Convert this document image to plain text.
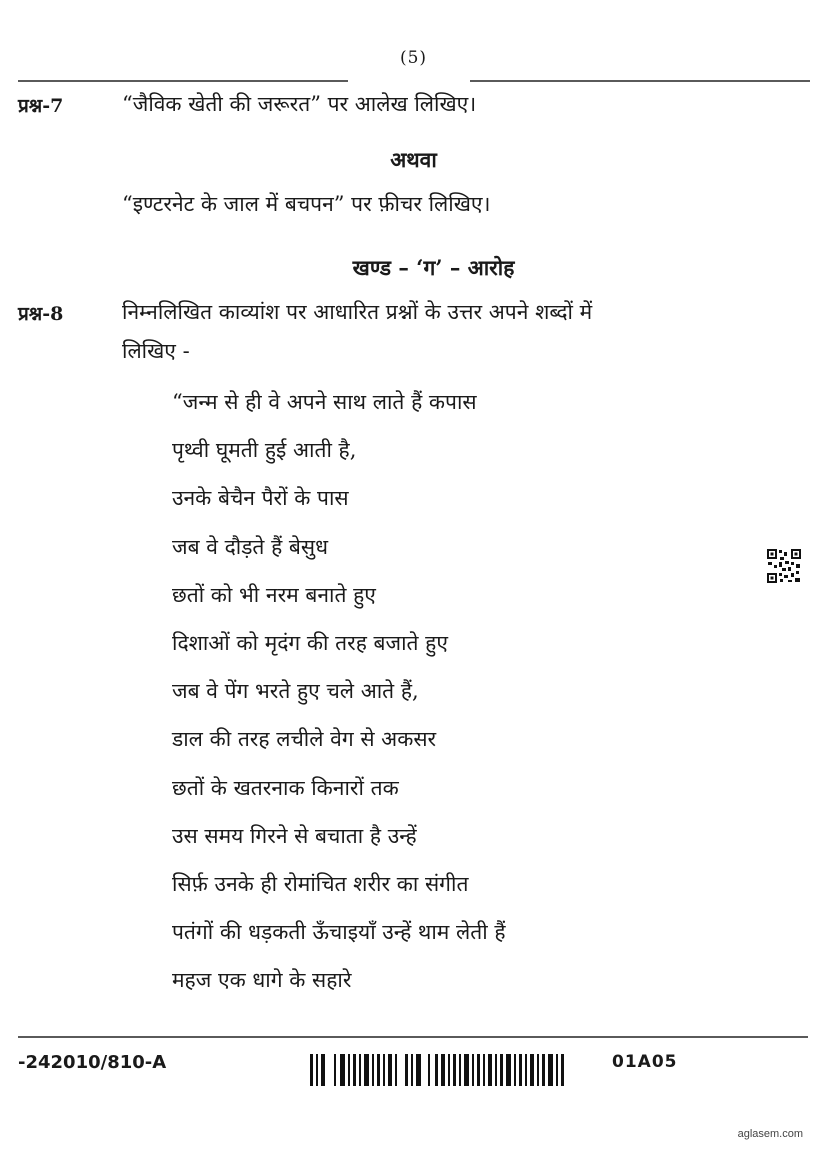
(5)
प्रश्न-7	“जैविक खेती की जरूरत” पर आलेख लिखिए।
अथवा
“इण्टरनेट के जाल में बचपन” पर फ़ीचर लिखिए।
खण्ड – ‘ग’ – आरोह
प्रश्न-8	निम्नलिखित काव्यांश पर आधारित प्रश्नों के उत्तर अपने शब्दों में
लिखिए -
“जन्म से ही वे अपने साथ लाते हैं कपास
पृथ्वी घूमती हुई आती है,
उनके बेचैन पैरों के पास
जब वे दौड़ते हैं बेसुध
छतों को भी नरम बनाते हुए
दिशाओं को मृदंग की तरह बजाते हुए
जब वे पेंग भरते हुए चले आते हैं,
डाल की तरह लचीले वेग से अकसर
छतों के खतरनाक किनारों तक
उस समय गिरने से बचाता है उन्हें
सिर्फ़ उनके ही रोमांचित शरीर का संगीत
पतंगों की धड़कती ऊँचाइयाँ उन्हें थाम लेती हैं
महज एक धागे के सहारे
-242010/810-A	01A05
aglasem.com
